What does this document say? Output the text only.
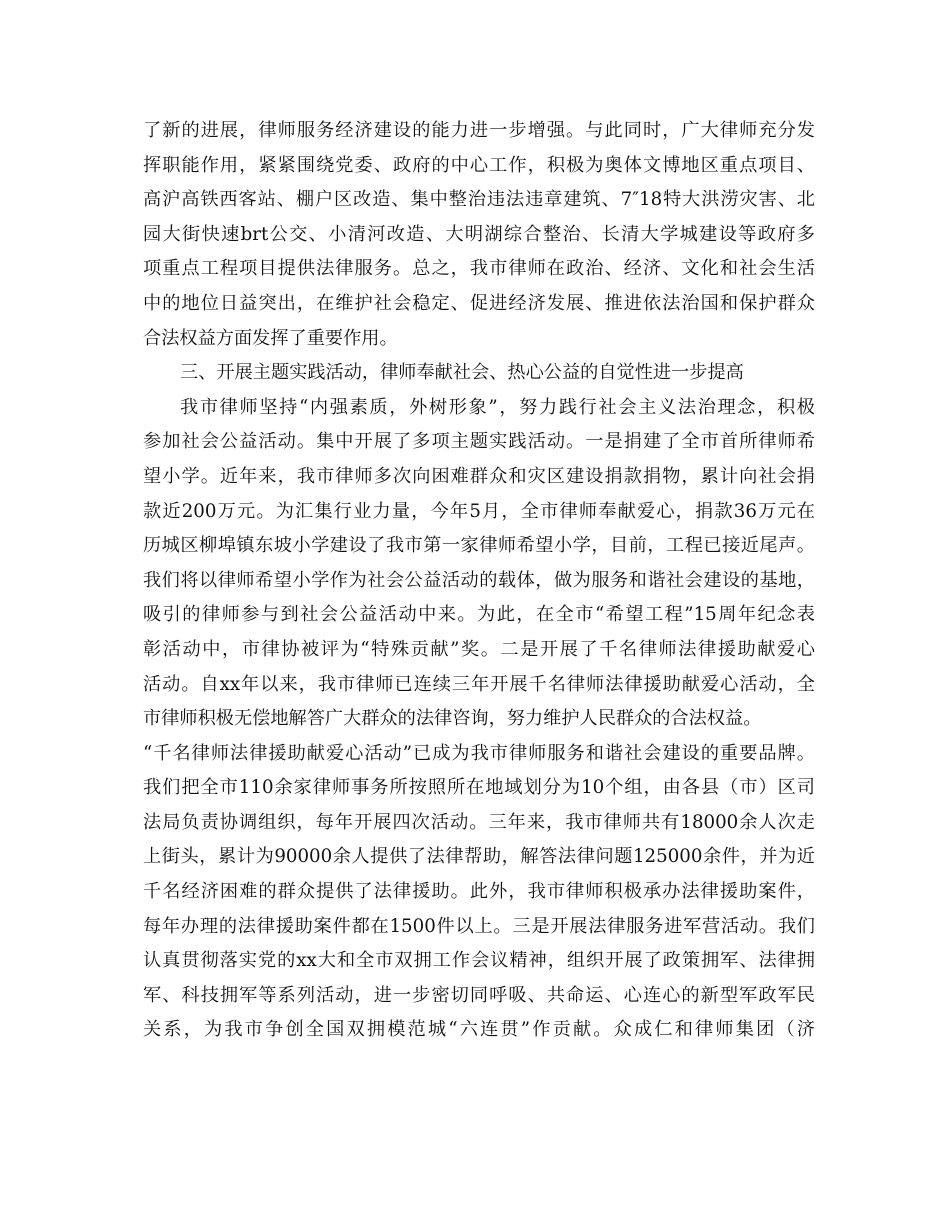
了新的进展，律师服务经济建设的能力进一步增强。与此同时，广大律师充分发
挥职能作用，紧紧围绕党委、政府的中心工作，积极为奥体文博地区重点项目、
高沪高铁西客站、棚户区改造、集中整治违法违章建筑、7″18特大洪涝灾害、北
园大街快速brt公交、小清河改造、大明湖综合整治、长清大学城建设等政府多
项重点工程项目提供法律服务。总之，我市律师在政治、经济、文化和社会生活
中的地位日益突出，在维护社会稳定、促进经济发展、推进依法治国和保护群众
合法权益方面发挥了重要作用。
三、开展主题实践活动，律师奉献社会、热心公益的自觉性进一步提高
我市律师坚持“内强素质，外树形象”，努力践行社会主义法治理念，积极
参加社会公益活动。集中开展了多项主题实践活动。一是捐建了全市首所律师希
望小学。近年来，我市律师多次向困难群众和灾区建设捐款捐物，累计向社会捐
款近200万元。为汇集行业力量，今年5月，全市律师奉献爱心，捐款36万元在
历城区柳埠镇东坡小学建设了我市第一家律师希望小学，目前，工程已接近尾声。
我们将以律师希望小学作为社会公益活动的载体，做为服务和谐社会建设的基地，
吸引的律师参与到社会公益活动中来。为此，在全市“希望工程”15周年纪念表
彰活动中，市律协被评为“特殊贡献”奖。二是开展了千名律师法律援助献爱心
活动。自xx年以来，我市律师已连续三年开展千名律师法律援助献爱心活动，全
市律师积极无偿地解答广大群众的法律咨询，努力维护人民群众的合法权益。
“千名律师法律援助献爱心活动”已成为我市律师服务和谐社会建设的重要品牌。
我们把全市110余家律师事务所按照所在地域划分为10个组，由各县（市）区司
法局负责协调组织，每年开展四次活动。三年来，我市律师共有18000余人次走
上街头，累计为90000余人提供了法律帮助，解答法律问题125000余件，并为近
千名经济困难的群众提供了法律援助。此外，我市律师积极承办法律援助案件，
每年办理的法律援助案件都在1500件以上。三是开展法律服务进军营活动。我们
认真贯彻落实党的xx大和全市双拥工作会议精神，组织开展了政策拥军、法律拥
军、科技拥军等系列活动，进一步密切同呼吸、共命运、心连心的新型军政军民
关系，为我市争创全国双拥模范城“六连贯”作贡献。众成仁和律师集团（济
